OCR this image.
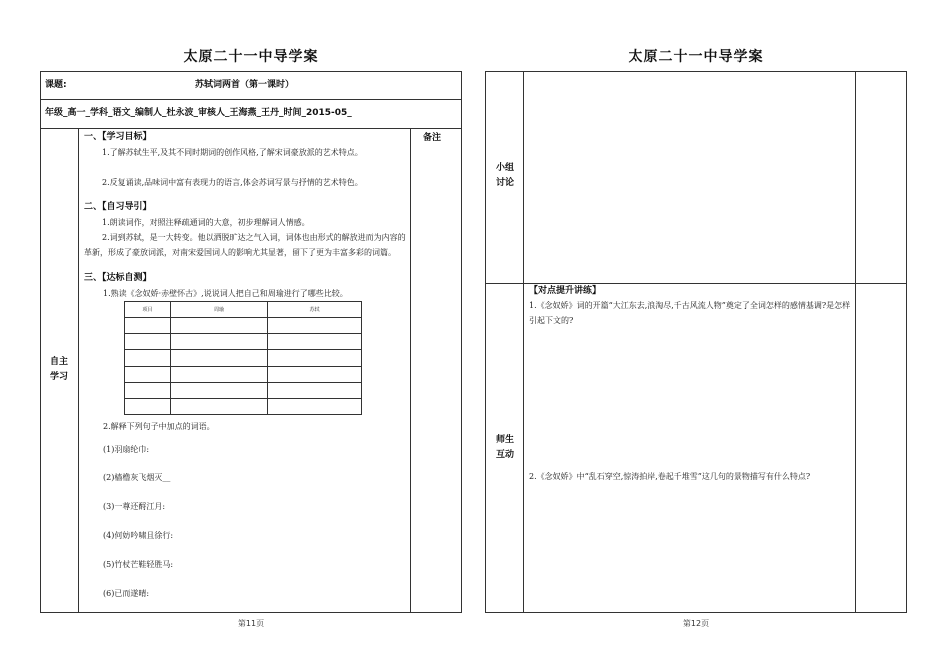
太原二十一中导学案
课题:	苏轼词两首（第一课时）
年级_高一_学科_语文_编制人_杜永波_审核人_王海燕_王丹_时间_2015-05_
自主学习
备注
一、【学习目标】
1.了解苏轼生平,及其不同时期词的创作风格,了解宋词豪放派的艺术特点。
2.反复诵读,品味词中富有表现力的语言,体会苏词写景与抒情的艺术特色。
二、【自习导引】
1.朗读词作，对照注释疏通词的大意，初步理解词人情感。
2.词到苏轼，是一大转变。他以洒脱旷达之气入词，词体也由形式的解放进而为内容的革新，形成了豪放词派，对南宋爱国词人的影响尤其显著，留下了更为丰富多彩的词篇。
三、【达标自测】
1.熟读《念奴娇·赤壁怀古》,说说词人把自己和周瑜进行了哪些比较。
项目	周瑜	苏轼

2.解释下列句子中加点的词语。
(1)羽扇纶巾:
(2)樯橹灰飞烟灭__
(3)一尊还酹江月:
(4)何妨吟啸且徐行:
(5)竹杖芒鞋轻胜马:
(6)已而遂晴:
第11页
太原二十一中导学案
小组讨论
师生互动
【对点提升讲练】
1.《念奴娇》词的开篇“大江东去,浪淘尽,千古风流人物”奠定了全词怎样的感情基调?是怎样引起下文的?
2.《念奴娇》中“乱石穿空,惊涛拍岸,卷起千堆雪”这几句的景物描写有什么特点?
第12页
